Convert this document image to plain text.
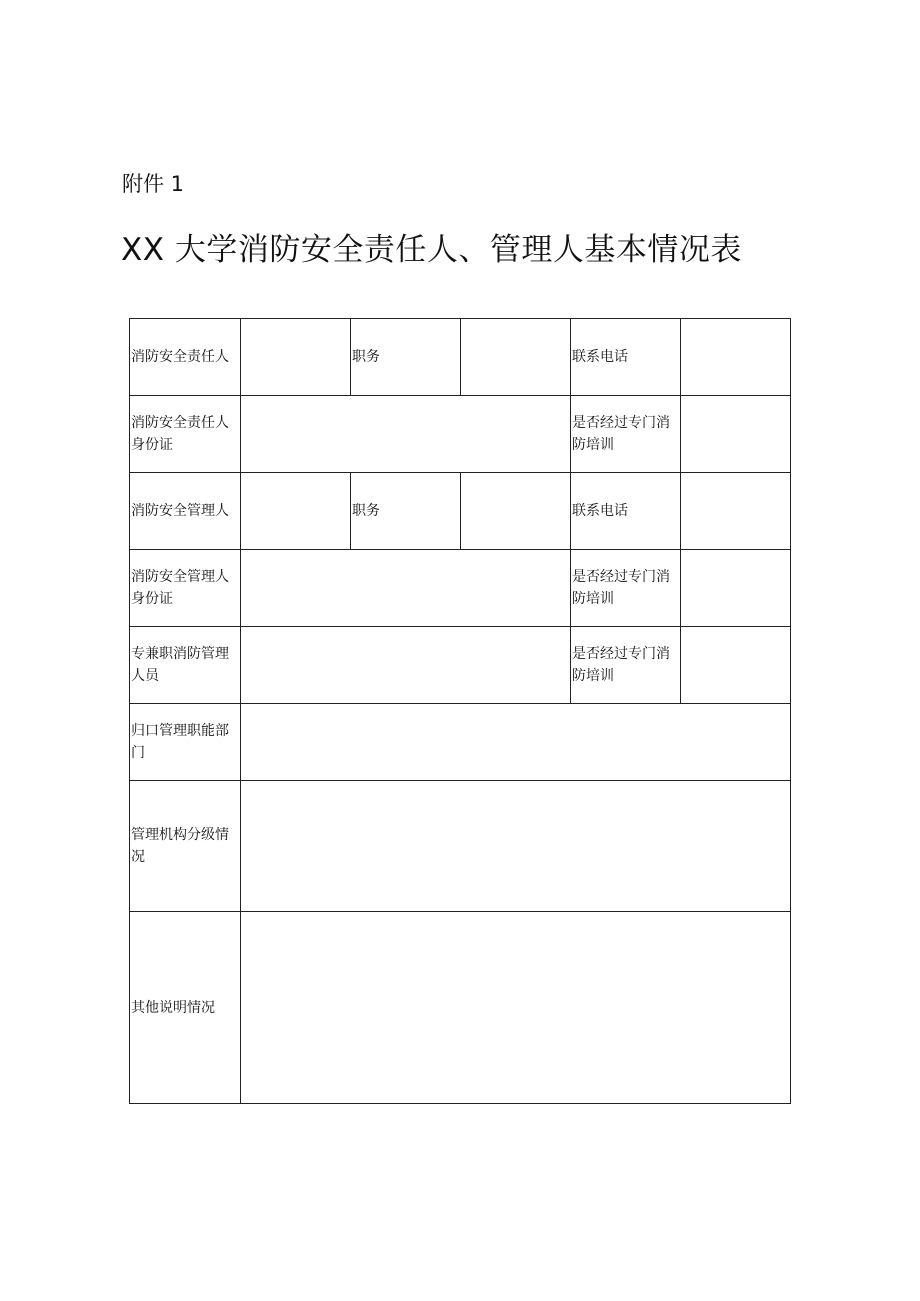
附件 1
XX 大学消防安全责任人、管理人基本情况表
消防安全责任人		职务		联系电话	
消防安全责任人身份证				是否经过专门消防培训	
消防安全管理人		职务		联系电话	
消防安全管理人身份证				是否经过专门消防培训	
专兼职消防管理人员				是否经过专门消防培训	
归口管理职能部门					
管理机构分级情况					
其他说明情况					
